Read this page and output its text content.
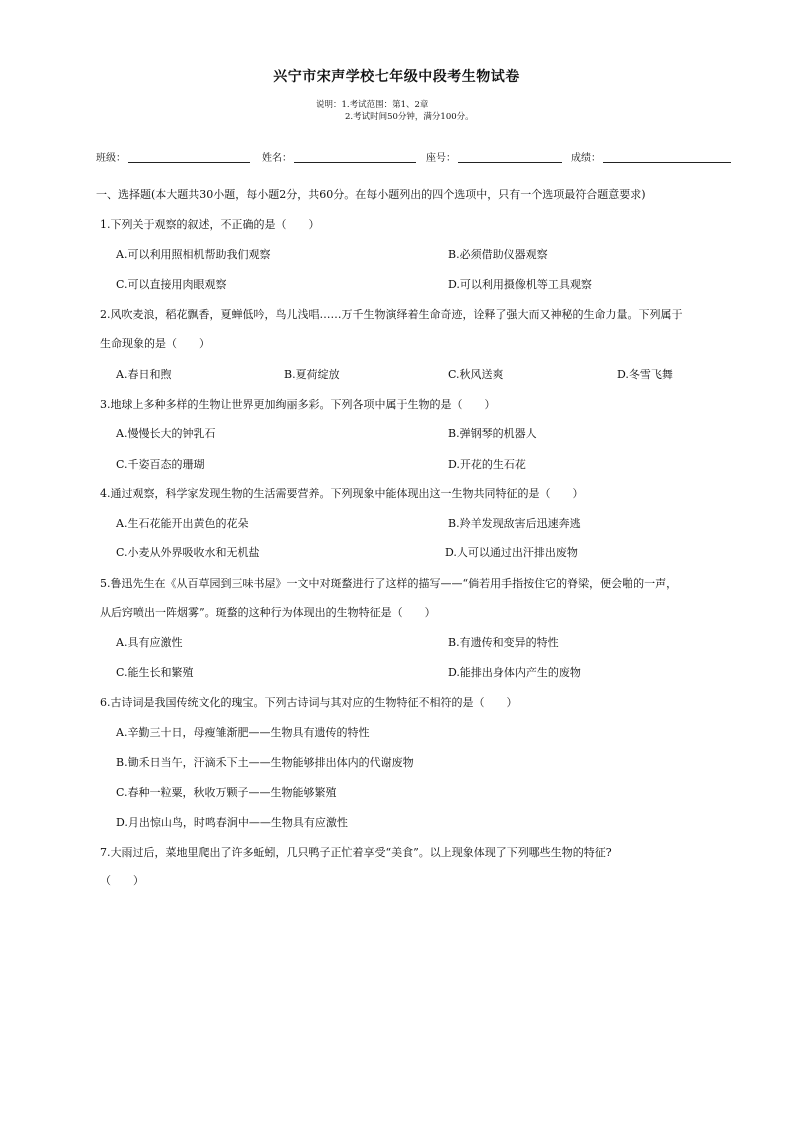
兴宁市宋声学校七年级中段考生物试卷
说明：1.考试范围：第1、2章
2.考试时间50分钟，满分100分。
班级：	姓名：	座号：	成绩：
一、选择题(本大题共30小题，每小题2分，共60分。在每小题列出的四个选项中，只有一个选项最符合题意要求)
1.下列关于观察的叙述，不正确的是（　　）
A.可以利用照相机帮助我们观察	B.必须借助仪器观察
C.可以直接用肉眼观察	D.可以利用摄像机等工具观察
2.风吹麦浪，稻花飘香，夏蝉低吟，鸟儿浅唱……万千生物演绎着生命奇迹，诠释了强大而又神秘的生命力量。下列属于
生命现象的是（　　）
A.春日和煦	B.夏荷绽放	C.秋风送爽	D.冬雪飞舞
3.地球上多种多样的生物让世界更加绚丽多彩。下列各项中属于生物的是（　　）
A.慢慢长大的钟乳石	B.弹钢琴的机器人
C.千姿百态的珊瑚	D.开花的生石花
4.通过观察，科学家发现生物的生活需要营养。下列现象中能体现出这一生物共同特征的是（　　）
A.生石花能开出黄色的花朵	B.羚羊发现敌害后迅速奔逃
C.小麦从外界吸收水和无机盐	D.人可以通过出汗排出废物
5.鲁迅先生在《从百草园到三味书屋》一文中对斑蝥进行了这样的描写——“倘若用手指按住它的脊梁，便会啪的一声，
从后窍喷出一阵烟雾”。斑蝥的这种行为体现出的生物特征是（　　）
A.具有应激性	B.有遗传和变异的特性
C.能生长和繁殖	D.能排出身体内产生的废物
6.古诗词是我国传统文化的瑰宝。下列古诗词与其对应的生物特征不相符的是（　　）
A.辛勤三十日，母瘦雏渐肥——生物具有遗传的特性
B.锄禾日当午，汗滴禾下土——生物能够排出体内的代谢废物
C.春种一粒粟，秋收万颗子——生物能够繁殖
D.月出惊山鸟，时鸣春涧中——生物具有应激性
7.大雨过后，菜地里爬出了许多蚯蚓，几只鸭子正忙着享受“美食”。以上现象体现了下列哪些生物的特征?
（　　）
